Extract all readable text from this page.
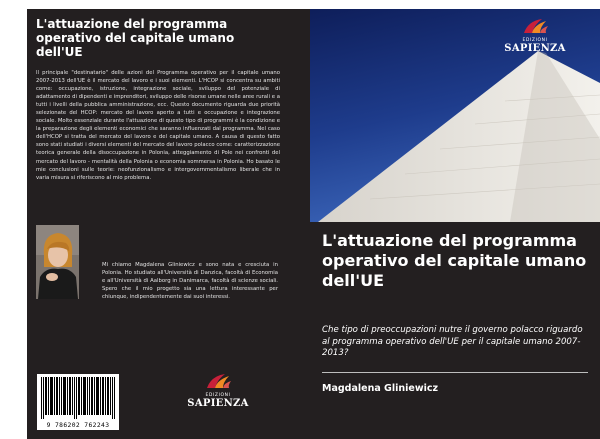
L'attuazione del programma operativo del capitale umano dell'UE
Il principale "destinatario" delle azioni del Programma operativo per il capitale umano 2007-2013 dell'UE è il mercato del lavoro e i suoi elementi. L'HCOP si concentra su ambiti come: occupazione, istruzione, integrazione sociale, sviluppo del potenziale di adattamento di dipendenti e imprenditori, sviluppo delle risorse umane nelle aree rurali e a tutti i livelli della pubblica amministrazione, ecc. Questo documento riguarda due priorità selezionate del HCOP: mercato del lavoro aperto a tutti e occupazione e integrazione sociale. Molto essenziale durante l'attuazione di questo tipo di programmi è la condizione e la preparazione degli elementi economici che saranno influenzati dal programma. Nel caso dell'HCOP si tratta del mercato del lavoro e del capitale umano. A causa di questo fatto sono stati studiati i diversi elementi del mercato del lavoro polacco come: caratterizzazione teorica generale della disoccupazione in Polonia, atteggiamento di Pole nei confronti del mercato del lavoro - mentalità della Polonia o economia sommersa in Polonia. Ho basato le mie conclusioni sulle teorie: neofunzionalismo e intergovernmentalismo liberale che in varia misura si riferiscono al mio problema.
Mi chiamo Magdalena Gliniewicz e sono nata e cresciuta in Polonia. Ho studiato all'Università di Danzica, facoltà di Economia e all'Università di Aalborg in Danimarca, facoltà di scienze sociali. Spero che il mio progetto sia una lettura interessante per chiunque, indipendentemente dai suoi interessi.
9 786202 762243
EDIZIONI
SAPIENZA
EDIZIONI
SAPIENZA
L'attuazione del programma operativo del capitale umano dell'UE
Che tipo di preoccupazioni nutre il governo polacco riguardo al programma operativo dell'UE per il capitale umano 2007-2013?
Magdalena Gliniewicz
